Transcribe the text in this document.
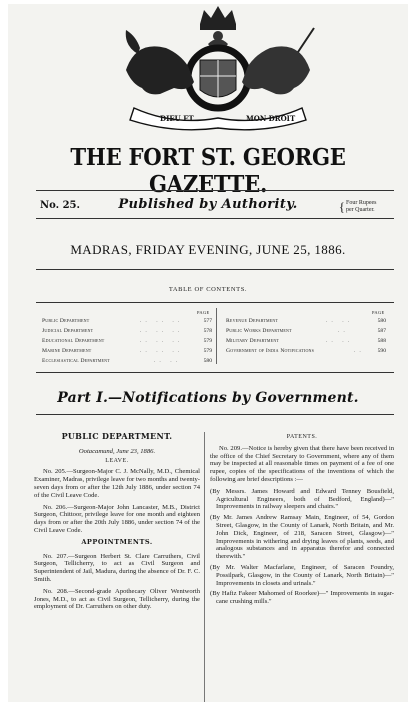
DIEU ET	MON DROIT
THE FORT ST. GEORGE GAZETTE.
No. 25.	Published by Authority.	{ Four Rupees
per Quarter.
MADRAS, FRIDAY EVENING, JUNE 25, 1886.
TABLE OF CONTENTS.
PAGE
Public Department	.. .. ..	577
Judicial Department	.. .. ..	578
Educational Department	.. .. ..	579
Marine Department	.. .. ..	579
Ecclesiastical Department	.. ..	580
PAGE
Revenue Department	.. ..	580
Public Works Department	..	587
Military Department	.. ..	588
Government of India Notifications	..	590
Part I.—Notifications by Government.
PUBLIC DEPARTMENT.
Ootacamund, June 23, 1886.
LEAVE.
No. 205.—Surgeon-Major C. J. McNally, M.D., Chemical Examiner, Madras, privilege leave for two months and twenty-seven days from or after the 12th July 1886, under section 74 of the Civil Leave Code.
No. 206.—Surgeon-Major John Lancaster, M.B., District Surgeon, Chittoor, privilege leave for one month and eighteen days from or after the 20th July 1886, under section 74 of the Civil Leave Code.
APPOINTMENTS.
No. 207.—Surgeon Herbert St. Clare Carruthers, Civil Surgeon, Tellicherry, to act as Civil Surgeon and Superintendent of Jail, Madura, during the absence of Dr. F. C. Smith.
No. 208.—Second-grade Apothecary Oliver Wentworth Jones, M.D., to act as Civil Surgeon, Tellicherry, during the employment of Dr. Carruthers on other duty.
PATENTS.
No. 209.—Notice is hereby given that there have been received in the office of the Chief Secretary to Government, where any of them may be inspected at all reasonable times on payment of a fee of one rupee, copies of the specifications of the inventions of which the following are brief descriptions :—
(By Messrs. James Howard and Edward Tenney Bousfield, Agricultural Engineers, both of Bedford, England)—" Improvements in railway sleepers and chairs."
(By Mr. James Andrew Ramsay Main, Engineer, of 54, Gordon Street, Glasgow, in the County of Lanark, North Britain, and Mr. John Dick, Engineer, of 218, Saracen Street, Glasgow)—" Improvements in withering and drying leaves of plants, seeds, and analogous substances and in apparatus therefor and connected therewith."
(By Mr. Walter Macfarlane, Engineer, of Saracen Foundry, Possilpark, Glasgow, in the County of Lanark, North Britain)—" Improvements in closets and urinals."
(By Hafiz Fakeer Mahomed of Roorkee)—" Improvements in sugar-cane crushing mills."
